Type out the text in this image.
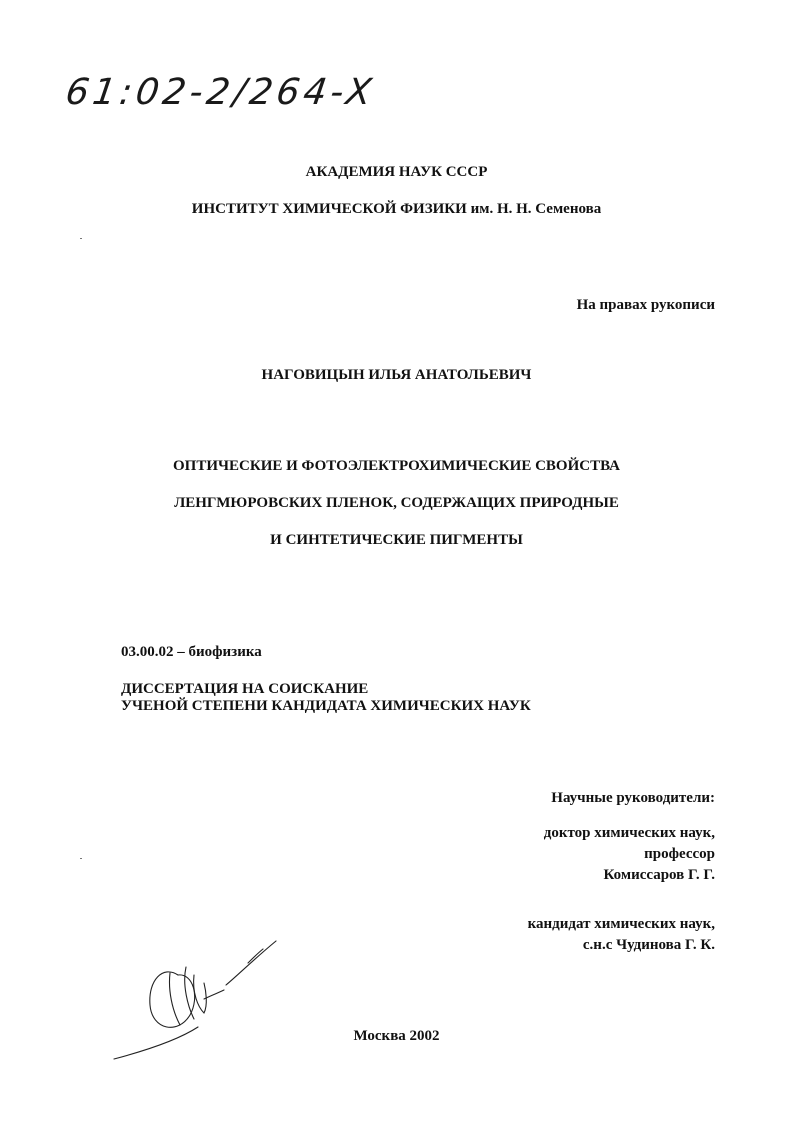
61:02-2/264-X
АКАДЕМИЯ НАУК СССР
ИНСТИТУТ ХИМИЧЕСКОЙ ФИЗИКИ им. Н. Н. Семенова
На правах рукописи
НАГОВИЦЫН ИЛЬЯ АНАТОЛЬЕВИЧ
ОПТИЧЕСКИЕ И ФОТОЭЛЕКТРОХИМИЧЕСКИЕ СВОЙСТВА
ЛЕНГМЮРОВСКИХ ПЛЕНОК, СОДЕРЖАЩИХ ПРИРОДНЫЕ
И СИНТЕТИЧЕСКИЕ ПИГМЕНТЫ
03.00.02 – биофизика
ДИССЕРТАЦИЯ НА СОИСКАНИЕ
УЧЕНОЙ СТЕПЕНИ КАНДИДАТА ХИМИЧЕСКИХ НАУК
Научные руководители:
доктор химических наук,
профессор
Комиссаров Г. Г.
кандидат химических наук,
с.н.с Чудинова Г. К.
Москва 2002
